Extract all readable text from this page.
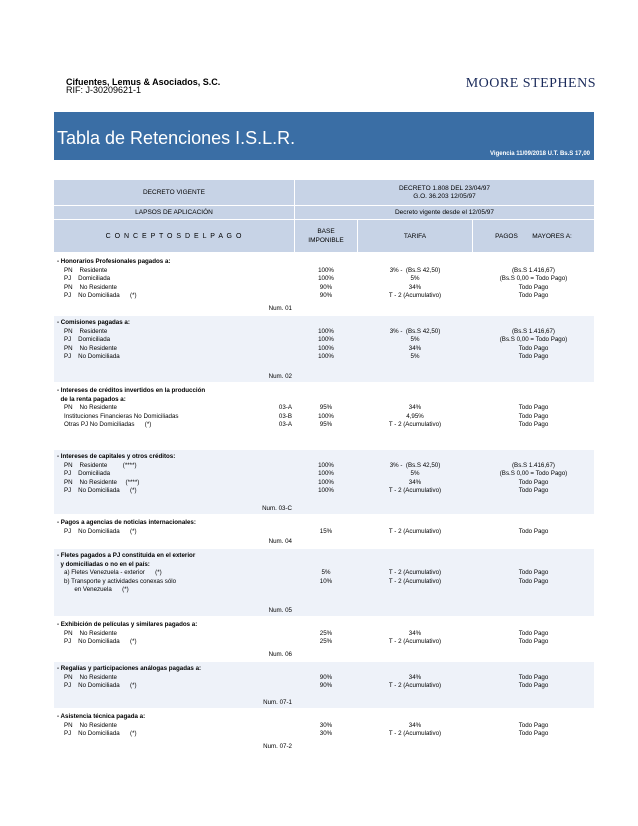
Cifuentes, Lemus & Asociados, S.C.
RIF: J-30209621-1	MOORE STEPHENS
Tabla de Retenciones I.S.L.R.
Vigencia 11/09/2018 U.T. Bs.S 17,00
DECRETO VIGENTE
DECRETO 1.808 DEL 23/04/97
G.O. 36.203 12/05/97
LAPSOS DE APLICACIÓN	Decreto vigente desde el 12/05/97
C O N C E P T O S D E L P A G O
BASE
IMPONIBLE
TARIFA	PAGOS        MAYORES A:
- Honorarios Profesionales pagados a:
PN    Residente	100%	3% -  (Bs.S 42,50)	(Bs.S 1.416,67)
PJ    Domiciliada	100%	5%	(Bs.S 0,00 = Todo Pago)
PN    No Residente	90%	34%	Todo Pago
PJ    No Domiciliada      (*)	90%	T - 2 (Acumulativo)	Todo Pago
Num. 01
- Comisiones pagadas a:
PN    Residente	100%	3% -  (Bs.S 42,50)	(Bs.S 1.416,67)
PJ    Domiciliada	100%	5%	(Bs.S 0,00 = Todo Pago)
PN    No Residente	100%	34%	Todo Pago
PJ    No Domiciliada	100%	5%	Todo Pago
Num. 02
- Intereses de créditos invertidos en la producción
de la renta pagados a:
PN    No Residente	03-A	95%	34%	Todo Pago
Instituciones Financieras No Domiciliadas	03-B	100%	4,95%	Todo Pago
Otras PJ No Domiciliadas      (*)	03-A	95%	T - 2 (Acumulativo)	Todo Pago
- Intereses de capitales y otros créditos:
PN    Residente         (****)	100%	3% -  (Bs.S 42,50)	(Bs.S 1.416,67)
PJ    Domiciliada	100%	5%	(Bs.S 0,00 = Todo Pago)
PN    No Residente     (****)	100%	34%	Todo Pago
PJ    No Domiciliada      (*)	100%	T - 2 (Acumulativo)	Todo Pago
Num. 03-C
- Pagos a agencias de noticias internacionales:
PJ    No Domiciliada      (*)	15%	T - 2 (Acumulativo)	Todo Pago
Num. 04
- Fletes pagados a PJ constituida en el exterior
y domiciliadas o no en el país:
a) Fletes Venezuela - exterior      (*)	5%	T - 2 (Acumulativo)	Todo Pago
b) Transporte y actividades conexas sólo	10%	T - 2 (Acumulativo)	Todo Pago
en Venezuela      (*)
Num. 05
- Exhibición de películas y similares pagados a:
PN    No Residente	25%	34%	Todo Pago
PJ    No Domiciliada      (*)	25%	T - 2 (Acumulativo)	Todo Pago
Num. 06
- Regalías y participaciones análogas pagadas a:
PN    No Residente	90%	34%	Todo Pago
PJ    No Domiciliada      (*)	90%	T - 2 (Acumulativo)	Todo Pago
Num. 07-1
- Asistencia técnica pagada a:
PN    No Residente	30%	34%	Todo Pago
PJ    No Domiciliada      (*)	30%	T - 2 (Acumulativo)	Todo Pago
Num. 07-2
